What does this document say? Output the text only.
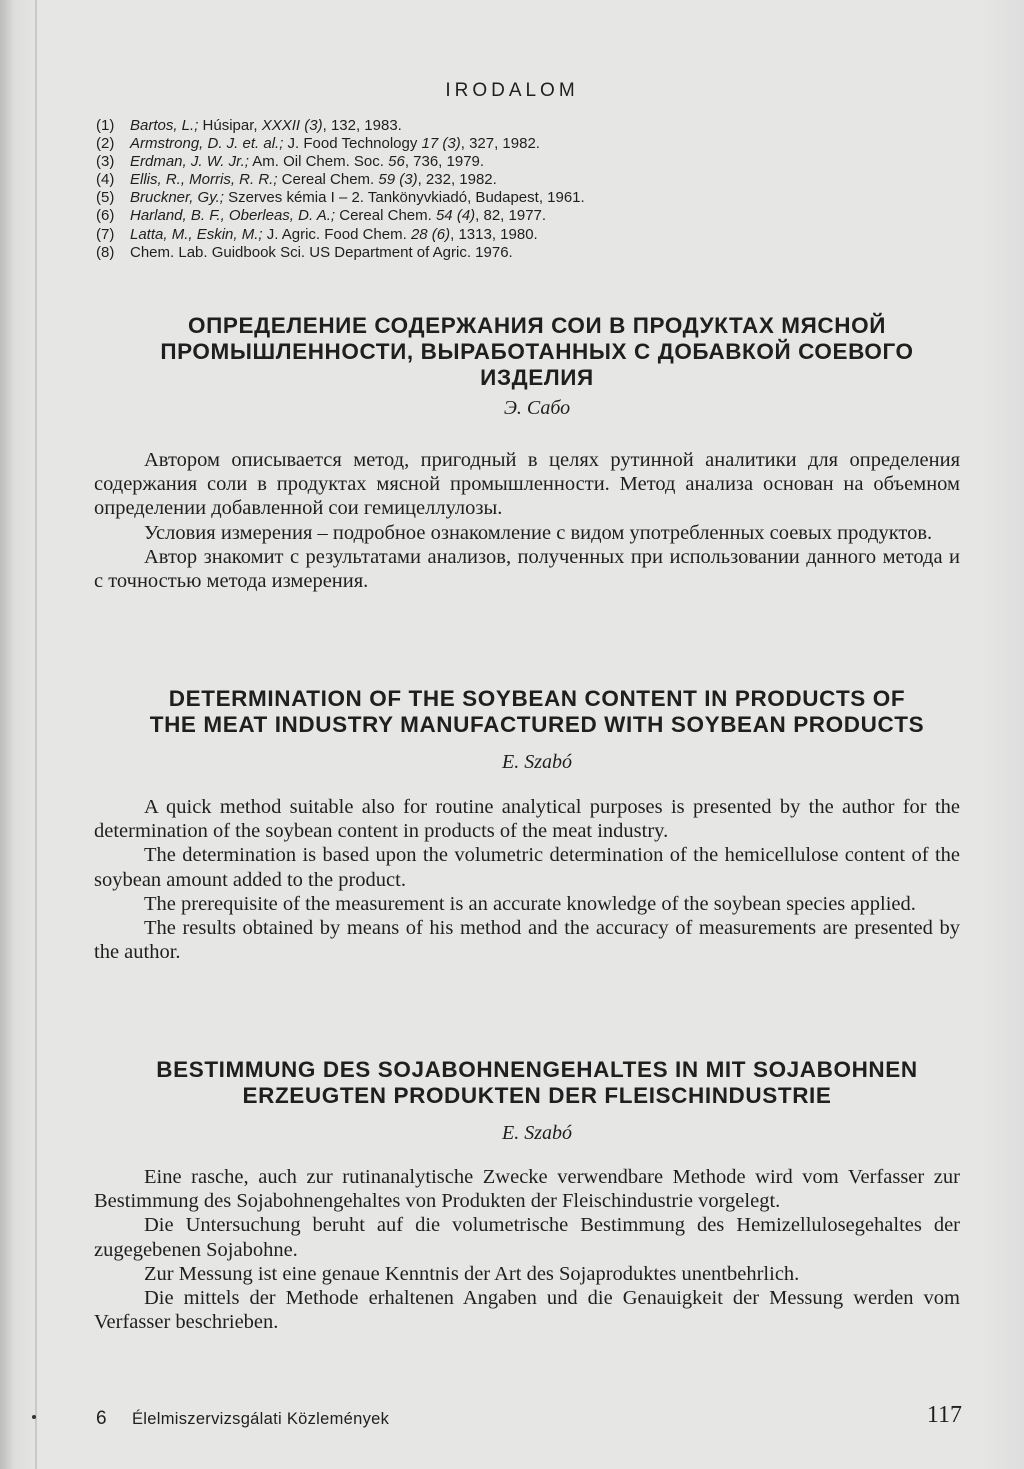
IRODALOM
(1) Bartos, L.; Húsipar, XXXII (3), 132, 1983.
(2) Armstrong, D. J. et. al.; J. Food Technology 17 (3), 327, 1982.
(3) Erdman, J. W. Jr.; Am. Oil Chem. Soc. 56, 736, 1979.
(4) Ellis, R., Morris, R. R.; Cereal Chem. 59 (3), 232, 1982.
(5) Bruckner, Gy.; Szerves kémia I – 2. Tankönyvkiadó, Budapest, 1961.
(6) Harland, B. F., Oberleas, D. A.; Cereal Chem. 54 (4), 82, 1977.
(7) Latta, M., Eskin, M.; J. Agric. Food Chem. 28 (6), 1313, 1980.
(8) Chem. Lab. Guidbook Sci. US Department of Agric. 1976.
ОПРЕДЕЛЕНИЕ СОДЕРЖАНИЯ СОИ В ПРОДУКТАХ МЯСНОЙ
ПРОМЫШЛЕННОСТИ, ВЫРАБОТАННЫХ С ДОБАВКОЙ СОЕВОГО
ИЗДЕЛИЯ
Э. Сабо

Автором описывается метод, пригодный в целях рутинной аналитики для определения содержания соли в продуктах мясной промышленности. Метод анализа основан на объемном определении добавленной сои гемицеллулозы.

Условия измерения – подробное ознакомление с видом употребленных соевых продуктов.

Автор знакомит с результатами анализов, полученных при использовании данного метода и с точностью метода измерения.

DETERMINATION OF THE SOYBEAN CONTENT IN PRODUCTS OF
THE MEAT INDUSTRY MANUFACTURED WITH SOYBEAN PRODUCTS
E. Szabó

A quick method suitable also for routine analytical purposes is presented by the author for the determination of the soybean content in products of the meat industry.

The determination is based upon the volumetric determination of the hemicellulose content of the soybean amount added to the product.

The prerequisite of the measurement is an accurate knowledge of the soybean species applied.

The results obtained by means of his method and the accuracy of measurements are presented by the author.

BESTIMMUNG DES SOJABOHNENGEHALTES IN MIT SOJABOHNEN
ERZEUGTEN PRODUKTEN DER FLEISCHINDUSTRIE
E. Szabó

Eine rasche, auch zur rutinanalytische Zwecke verwendbare Methode wird vom Verfasser zur Bestimmung des Sojabohnengehaltes von Produkten der Fleischindustrie vorgelegt.

Die Untersuchung beruht auf die volumetrische Bestimmung des Hemizellulosegehaltes der zugegebenen Sojabohne.

Zur Messung ist eine genaue Kenntnis der Art des Sojaproduktes unentbehrlich.

Die mittels der Methode erhaltenen Angaben und die Genauigkeit der Messung werden vom Verfasser beschrieben.

6 Élelmiszervizsgálati Közlemények	117
